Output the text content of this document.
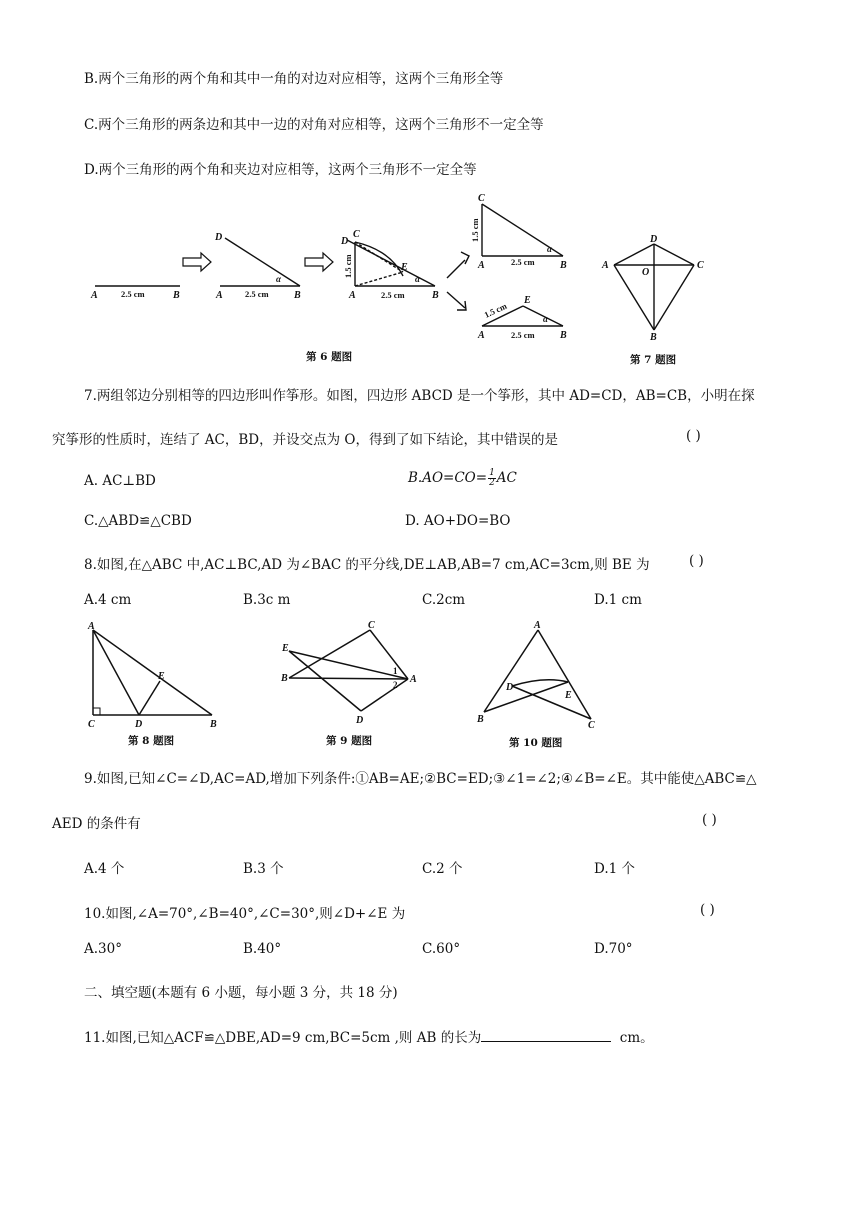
B.两个三角形的两个角和其中一角的对边对应相等，这两个三角形全等
C.两个三角形的两条边和其中一边的对角对应相等，这两个三角形不一定全等
D.两个三角形的两个角和夹边对应相等，这两个三角形不一定全等
A	B	A	B
D
α
D
C
E
A	B
α
C
A	B
α
A	B
E
α
2.5 cm	2.5 cm	2.5 cm
2.5 cm
2.5 cm
1.5 cm
1.5 cm
1.5 cm
第 6 题图
D
A	C
O
B
第 7 题图
7.两组邻边分别相等的四边形叫作筝形。如图，四边形 ABCD 是一个筝形，其中 AD=CD，AB=CB，小明在探
究筝形的性质时，连结了 AC，BD，并设交点为 O，得到了如下结论，其中错误的是	( )
A. AC⊥BD	$B.AO=CO= \frac{1}{2}$ AC
C.△ABD≌△CBD	D. AO+DO=BO
8.如图,在△ABC 中,AC⊥BC,AD 为∠BAC 的平分线,DE⊥AB,AB=7 cm,AC=3cm,则 BE 为	( )
A.4 cm	B.3c m	C.2cm	D.1 cm
A
C	D	B
E
第 8 题图
E
B
C
D
A
1
2
第 9 题图
A
B
C
D
E
第 10 题图
9.如图,已知∠C=∠D,AC=AD,增加下列条件:①AB=AE;②BC=ED;③∠1=∠2;④∠B=∠E。其中能使△ABC≌△
AED 的条件有	( )
A.4 个	B.3 个	C.2 个	D.1 个
10.如图,∠A=70°,∠B=40°,∠C=30°,则∠D+∠E 为	( )
A.30°	B.40°	C.60°	D.70°
二、填空题(本题有 6 小题，每小题 3 分，共 18 分)
11.如图,已知△ACF≌△DBE,AD=9 cm,BC=5cm ,则 AB 的长为	cm。
